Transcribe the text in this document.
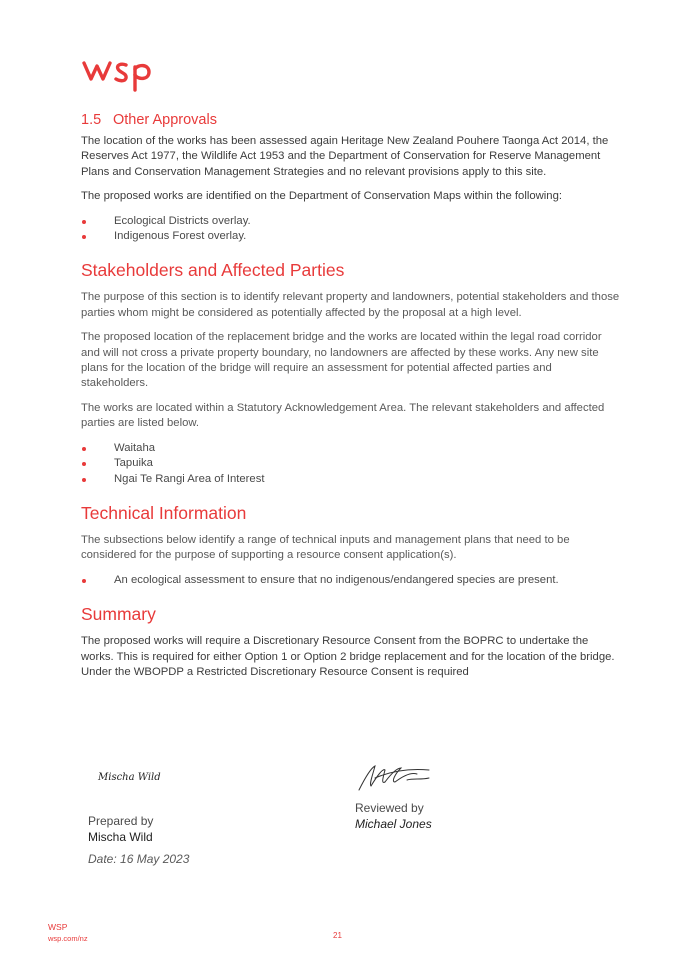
1.5 Other Approvals

The location of the works has been assessed again Heritage New Zealand Pouhere Taonga Act 2014, the Reserves Act 1977, the Wildlife Act 1953 and the Department of Conservation for Reserve Management Plans and Conservation Management Strategies and no relevant provisions apply to this site.

The proposed works are identified on the Department of Conservation Maps within the following:

Ecological Districts overlay.
Indigenous Forest overlay.
Stakeholders and Affected Parties

The purpose of this section is to identify relevant property and landowners, potential stakeholders and those parties whom might be considered as potentially affected by the proposal at a high level.

The proposed location of the replacement bridge and the works are located within the legal road corridor and will not cross a private property boundary, no landowners are affected by these works. Any new site plans for the location of the bridge will require an assessment for potential affected parties and stakeholders.

The works are located within a Statutory Acknowledgement Area. The relevant stakeholders and affected parties are listed below.

Waitaha
Tapuika
Ngai Te Rangi Area of Interest
Technical Information

The subsections below identify a range of technical inputs and management plans that need to be considered for the purpose of supporting a resource consent application(s).

An ecological assessment to ensure that no indigenous/endangered species are present.
Summary

The proposed works will require a Discretionary Resource Consent from the BOPRC to undertake the works. This is required for either Option 1 or Option 2 bridge replacement and for the location of the bridge. Under the WBOPDP a Restricted Discretionary Resource Consent is required

Mischa Wild
Prepared by
Mischa Wild
Date: 16 May 2023
Reviewed by
Michael Jones
WSP
wsp.com/nz	21
